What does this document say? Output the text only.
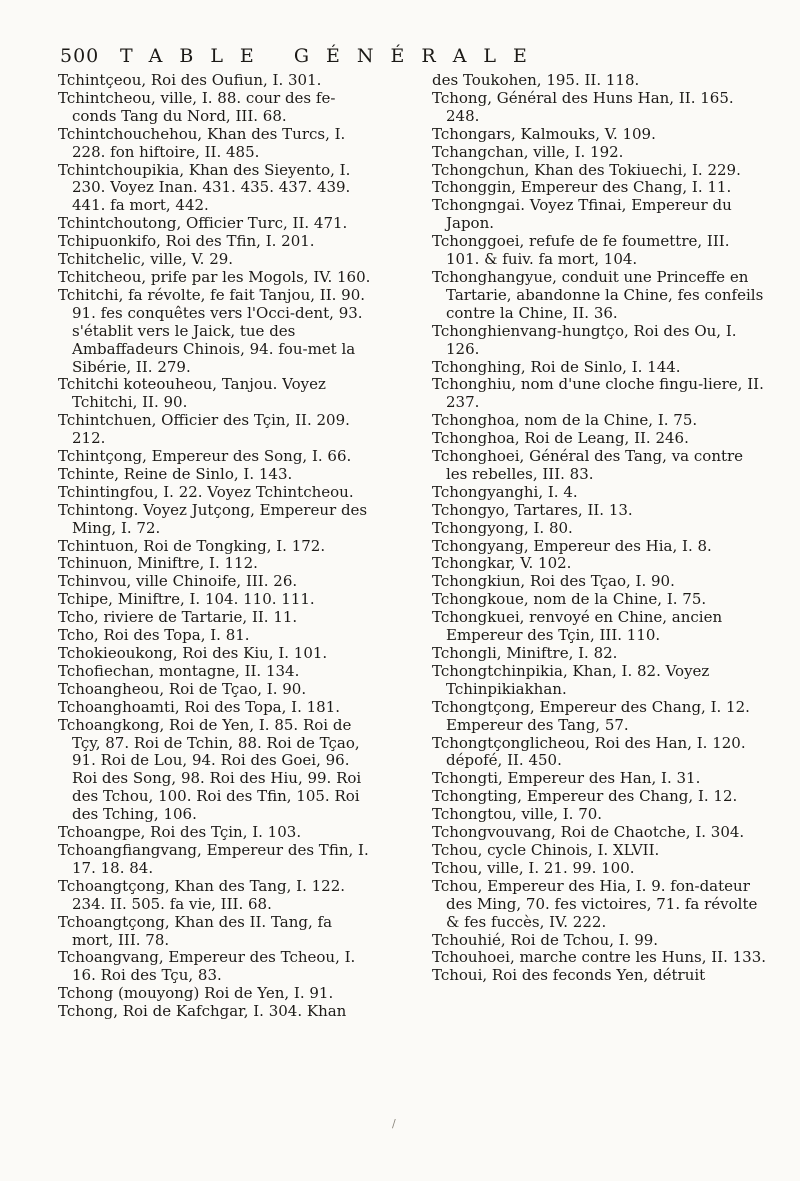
500 TABLE GÉNÉRALE

Tchintçeou, Roi des Oufiun, I. 301.

Tchintcheou, ville, I. 88. cour des fe-conds Tang du Nord, III. 68.

Tchintchouchehou, Khan des Turcs, I. 228. fon hiftoire, II. 485.

Tchintchoupikia, Khan des Sieyento, I. 230. Voyez Inan. 431. 435. 437. 439. 441. fa mort, 442.

Tchintchoutong, Officier Turc, II. 471.

Tchipuonkifo, Roi des Tfin, I. 201.

Tchitchelic, ville, V. 29.

Tchitcheou, prife par les Mogols, IV. 160.

Tchitchi, fa révolte, fe fait Tanjou, II. 90. 91. fes conquêtes vers l'Occi-dent, 93. s'établit vers le Jaick, tue des Ambaffadeurs Chinois, 94. fou-met la Sibérie, II. 279.

Tchitchi koteouheou, Tanjou. Voyez Tchitchi, II. 90.

Tchintchuen, Officier des Tçin, II. 209. 212.

Tchintçong, Empereur des Song, I. 66.

Tchinte, Reine de Sinlo, I. 143.

Tchintingfou, I. 22. Voyez Tchintcheou.

Tchintong. Voyez Jutçong, Empereur des Ming, I. 72.

Tchintuon, Roi de Tongking, I. 172.

Tchinuon, Miniftre, I. 112.

Tchinvou, ville Chinoife, III. 26.

Tchipe, Miniftre, I. 104. 110. 111.

Tcho, riviere de Tartarie, II. 11.

Tcho, Roi des Topa, I. 81.

Tchokieoukong, Roi des Kiu, I. 101.

Tchofiechan, montagne, II. 134.

Tchoangheou, Roi de Tçao, I. 90.

Tchoanghoamti, Roi des Topa, I. 181.

Tchoangkong, Roi de Yen, I. 85. Roi de Tçy, 87. Roi de Tchin, 88. Roi de Tçao, 91. Roi de Lou, 94. Roi des Goei, 96. Roi des Song, 98. Roi des Hiu, 99. Roi des Tchou, 100. Roi des Tfin, 105. Roi des Tching, 106.

Tchoangpe, Roi des Tçin, I. 103.

Tchoangfiangvang, Empereur des Tfin, I. 17. 18. 84.

Tchoangtçong, Khan des Tang, I. 122. 234. II. 505. fa vie, III. 68.

Tchoangtçong, Khan des II. Tang, fa mort, III. 78.

Tchoangvang, Empereur des Tcheou, I. 16. Roi des Tçu, 83.

Tchong (mouyong) Roi de Yen, I. 91.

Tchong, Roi de Kafchgar, I. 304. Khan

des Toukohen, 195. II. 118.

Tchong, Général des Huns Han, II. 165. 248.

Tchongars, Kalmouks, V. 109.

Tchangchan, ville, I. 192.

Tchongchun, Khan des Tokiuechi, I. 229.

Tchonggin, Empereur des Chang, I. 11.

Tchongngai. Voyez Tfinai, Empereur du Japon.

Tchonggoei, refufe de fe foumettre, III. 101. & fuiv. fa mort, 104.

Tchonghangyue, conduit une Princeffe en Tartarie, abandonne la Chine, fes confeils contre la Chine, II. 36.

Tchonghienvang-hungtço, Roi des Ou, I. 126.

Tchonghing, Roi de Sinlo, I. 144.

Tchonghiu, nom d'une cloche fingu-liere, II. 237.

Tchonghoa, nom de la Chine, I. 75.

Tchonghoa, Roi de Leang, II. 246.

Tchonghoei, Général des Tang, va contre les rebelles, III. 83.

Tchongyanghi, I. 4.

Tchongyo, Tartares, II. 13.

Tchongyong, I. 80.

Tchongyang, Empereur des Hia, I. 8.

Tchongkar, V. 102.

Tchongkiun, Roi des Tçao, I. 90.

Tchongkoue, nom de la Chine, I. 75.

Tchongkuei, renvoyé en Chine, ancien Empereur des Tçin, III. 110.

Tchongli, Miniftre, I. 82.

Tchongtchinpikia, Khan, I. 82. Voyez Tchinpikiakhan.

Tchongtçong, Empereur des Chang, I. 12. Empereur des Tang, 57.

Tchongtçonglicheou, Roi des Han, I. 120. dépofé, II. 450.

Tchongti, Empereur des Han, I. 31.

Tchongting, Empereur des Chang, I. 12.

Tchongtou, ville, I. 70.

Tchongvouvang, Roi de Chaotche, I. 304.

Tchou, cycle Chinois, I. XLVII.

Tchou, ville, I. 21. 99. 100.

Tchou, Empereur des Hia, I. 9. fon-dateur des Ming, 70. fes victoires, 71. fa révolte & fes fuccès, IV. 222.

Tchouhié, Roi de Tchou, I. 99.

Tchouhoei, marche contre les Huns, II. 133.

Tchoui, Roi des feconds Yen, détruit

/
